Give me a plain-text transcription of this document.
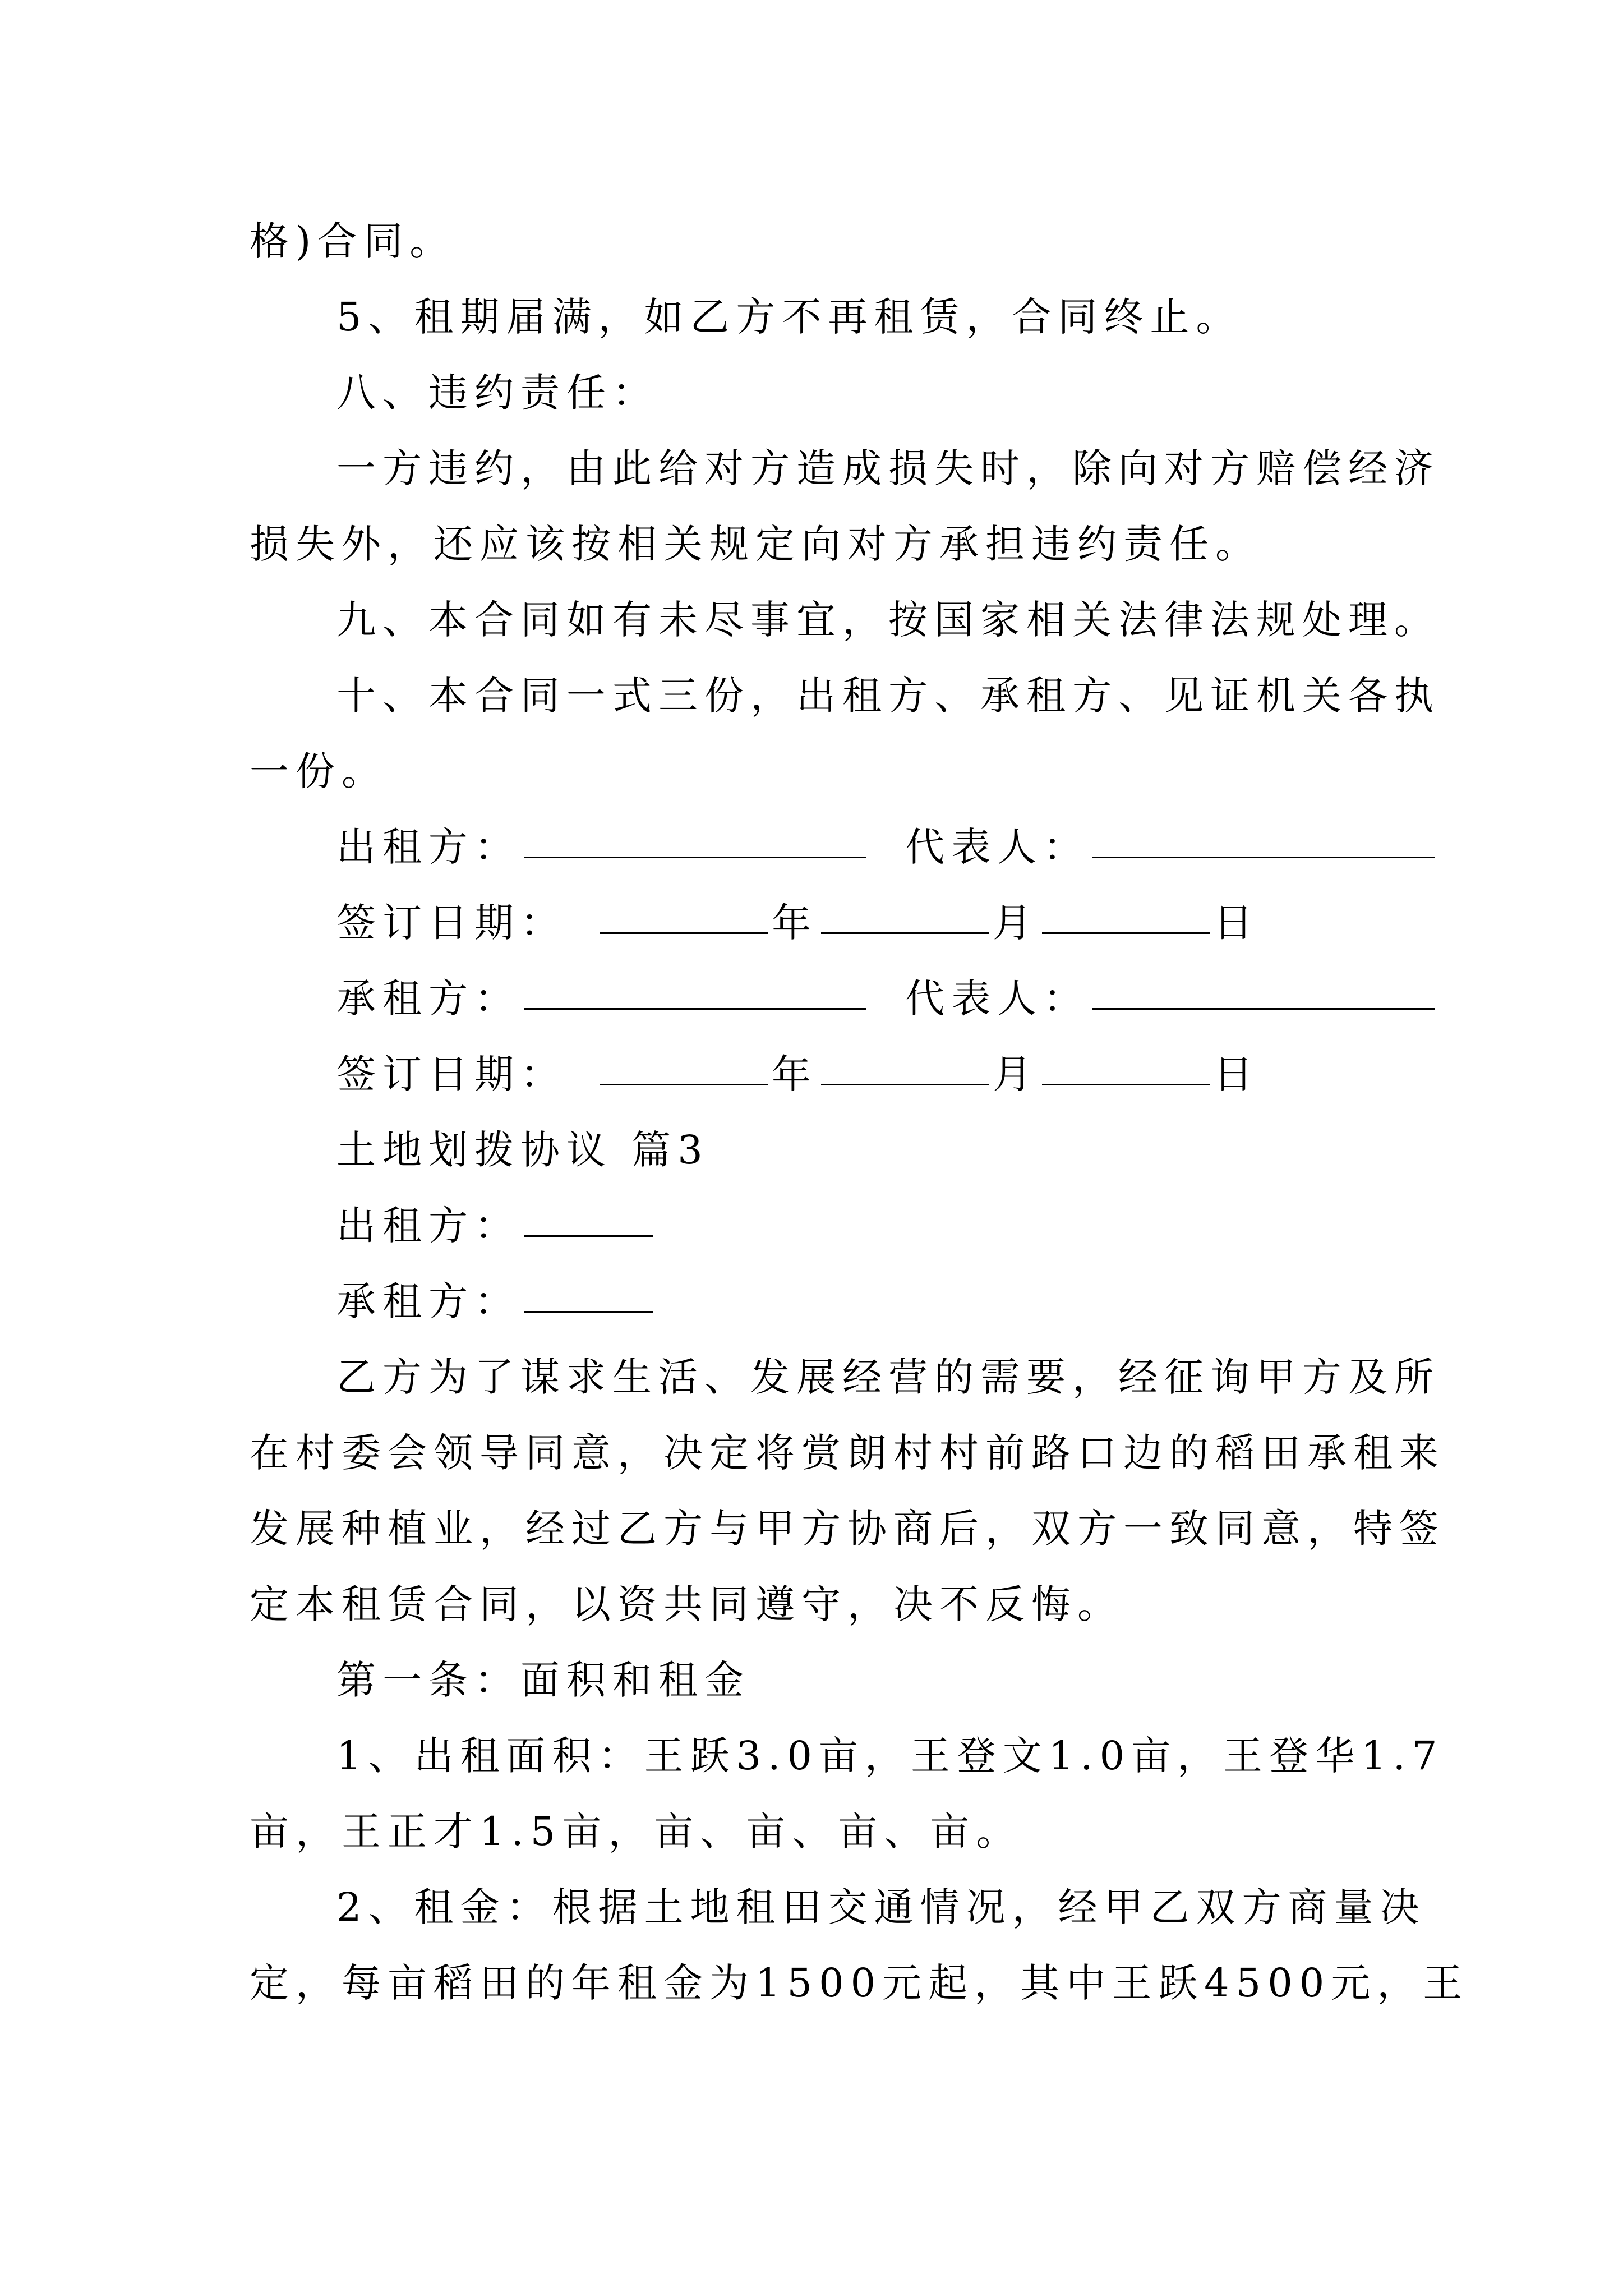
格)合同。
5、租期届满，如乙方不再租赁，合同终止。
八、违约责任：
一方违约，由此给对方造成损失时，除向对方赔偿经济
损失外，还应该按相关规定向对方承担违约责任。
九、本合同如有未尽事宜，按国家相关法律法规处理。
十、本合同一式三份，出租方、承租方、见证机关各执
一份。
出租方：	代表人：
签订日期：	年	月	日
承租方：	代表人：
签订日期：	年	月	日
土地划拨协议 篇3
出租方：
承租方：
乙方为了谋求生活、发展经营的需要，经征询甲方及所
在村委会领导同意，决定将赏朗村村前路口边的稻田承租来
发展种植业，经过乙方与甲方协商后，双方一致同意，特签
定本租赁合同，以资共同遵守，决不反悔。
第一条：面积和租金
1、出租面积：王跃3.0亩，王登文1.0亩，王登华1.7
亩，王正才1.5亩，亩、亩、亩、亩。
2、租金：根据土地租田交通情况，经甲乙双方商量决
定，每亩稻田的年租金为1500元起，其中王跃4500元，王
